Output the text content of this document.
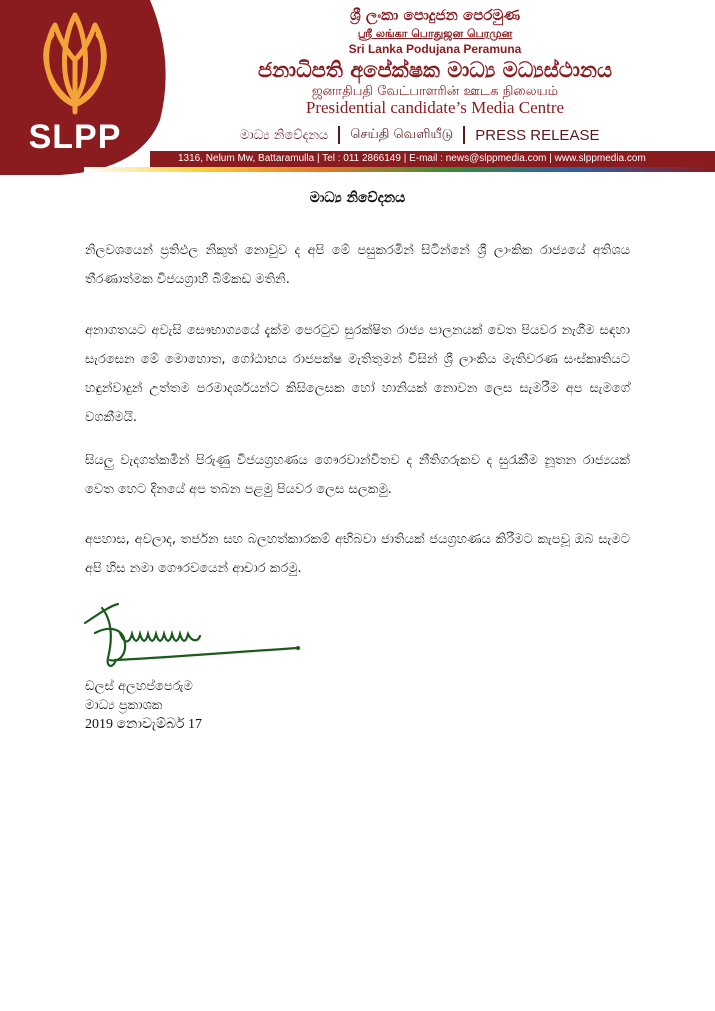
SLPP
ශ්‍රී ලංකා පොදුජන පෙරමුණ
ஸ்ரீ லங்கா பொதுஜன பெரமுன
Sri Lanka Podujana Peramuna
ජනාධිපති අපේක්ෂක මාධ්‍ය මධ්‍යස්ථානය
ஜனாதிபதி வேட்பாளரின் ஊடக நிலையம்
Presidential candidate’s Media Centre
මාධ්‍ය නිවේදනය செய்தி வெளியீடு PRESS RELEASE
1316, Nelum Mw, Battaramulla | Tel : 011 2866149 | E-mail : news@slppmedia.com | www.slppmedia.com
මාධ්‍ය නිවේදනය

නිලවශයෙන් ප්‍රතිඵල නිකුත් නොවුව ද අපි මේ පසුකරමින් සිටින්නේ ශ්‍රී ලාංකික රාජ්‍යයේ අතිශය තීරණාත්මක විජයග්‍රාහී බිම්කඩ මතිනි.

අනාගතයට අවැසි සෞභාග්‍යයේ දැක්ම පෙරටුව සුරක්ෂිත රාජ්‍ය පාලනයක් වෙත පියවර නැගීම සඳහා සැරසෙන මේ මොහොත, ගෝඨාභය රාජපක්ෂ මැතිතුමන් විසින් ශ්‍රී ලාංකිය මැතිවරණ සංස්කෘතියට හඳුන්වාදුන් උත්තම පරමාදර්ශයන්ට කිසිලෙසක හෝ හානියක් නොවන ලෙස සැමරීම අප සැමගේ වගකීමයි.

සියලු වැදගත්කමින් පිරුණු විජයග්‍රහණය ගෞරවාන්විතව ද නීතිගරුකව ද සුරැකීම නූතන රාජ්‍යයක් වෙත හෙට දිනයේ අප තබන පළමු පියවර ලෙස සලකමු.

අපහාස, අවලාද, තර්ජන සහ බලහත්කාරකම් අභිබවා ජාතියක් ජයග්‍රහණය කිරීමට කැපවූ ඔබ සැමට අපි හිස නමා ගෞරවයෙන් ආචාර කරමු.

ඩලස් අලහප්පෙරුම
මාධ්‍ය ප්‍රකාශක
2019 නොවැම්බර් 17
